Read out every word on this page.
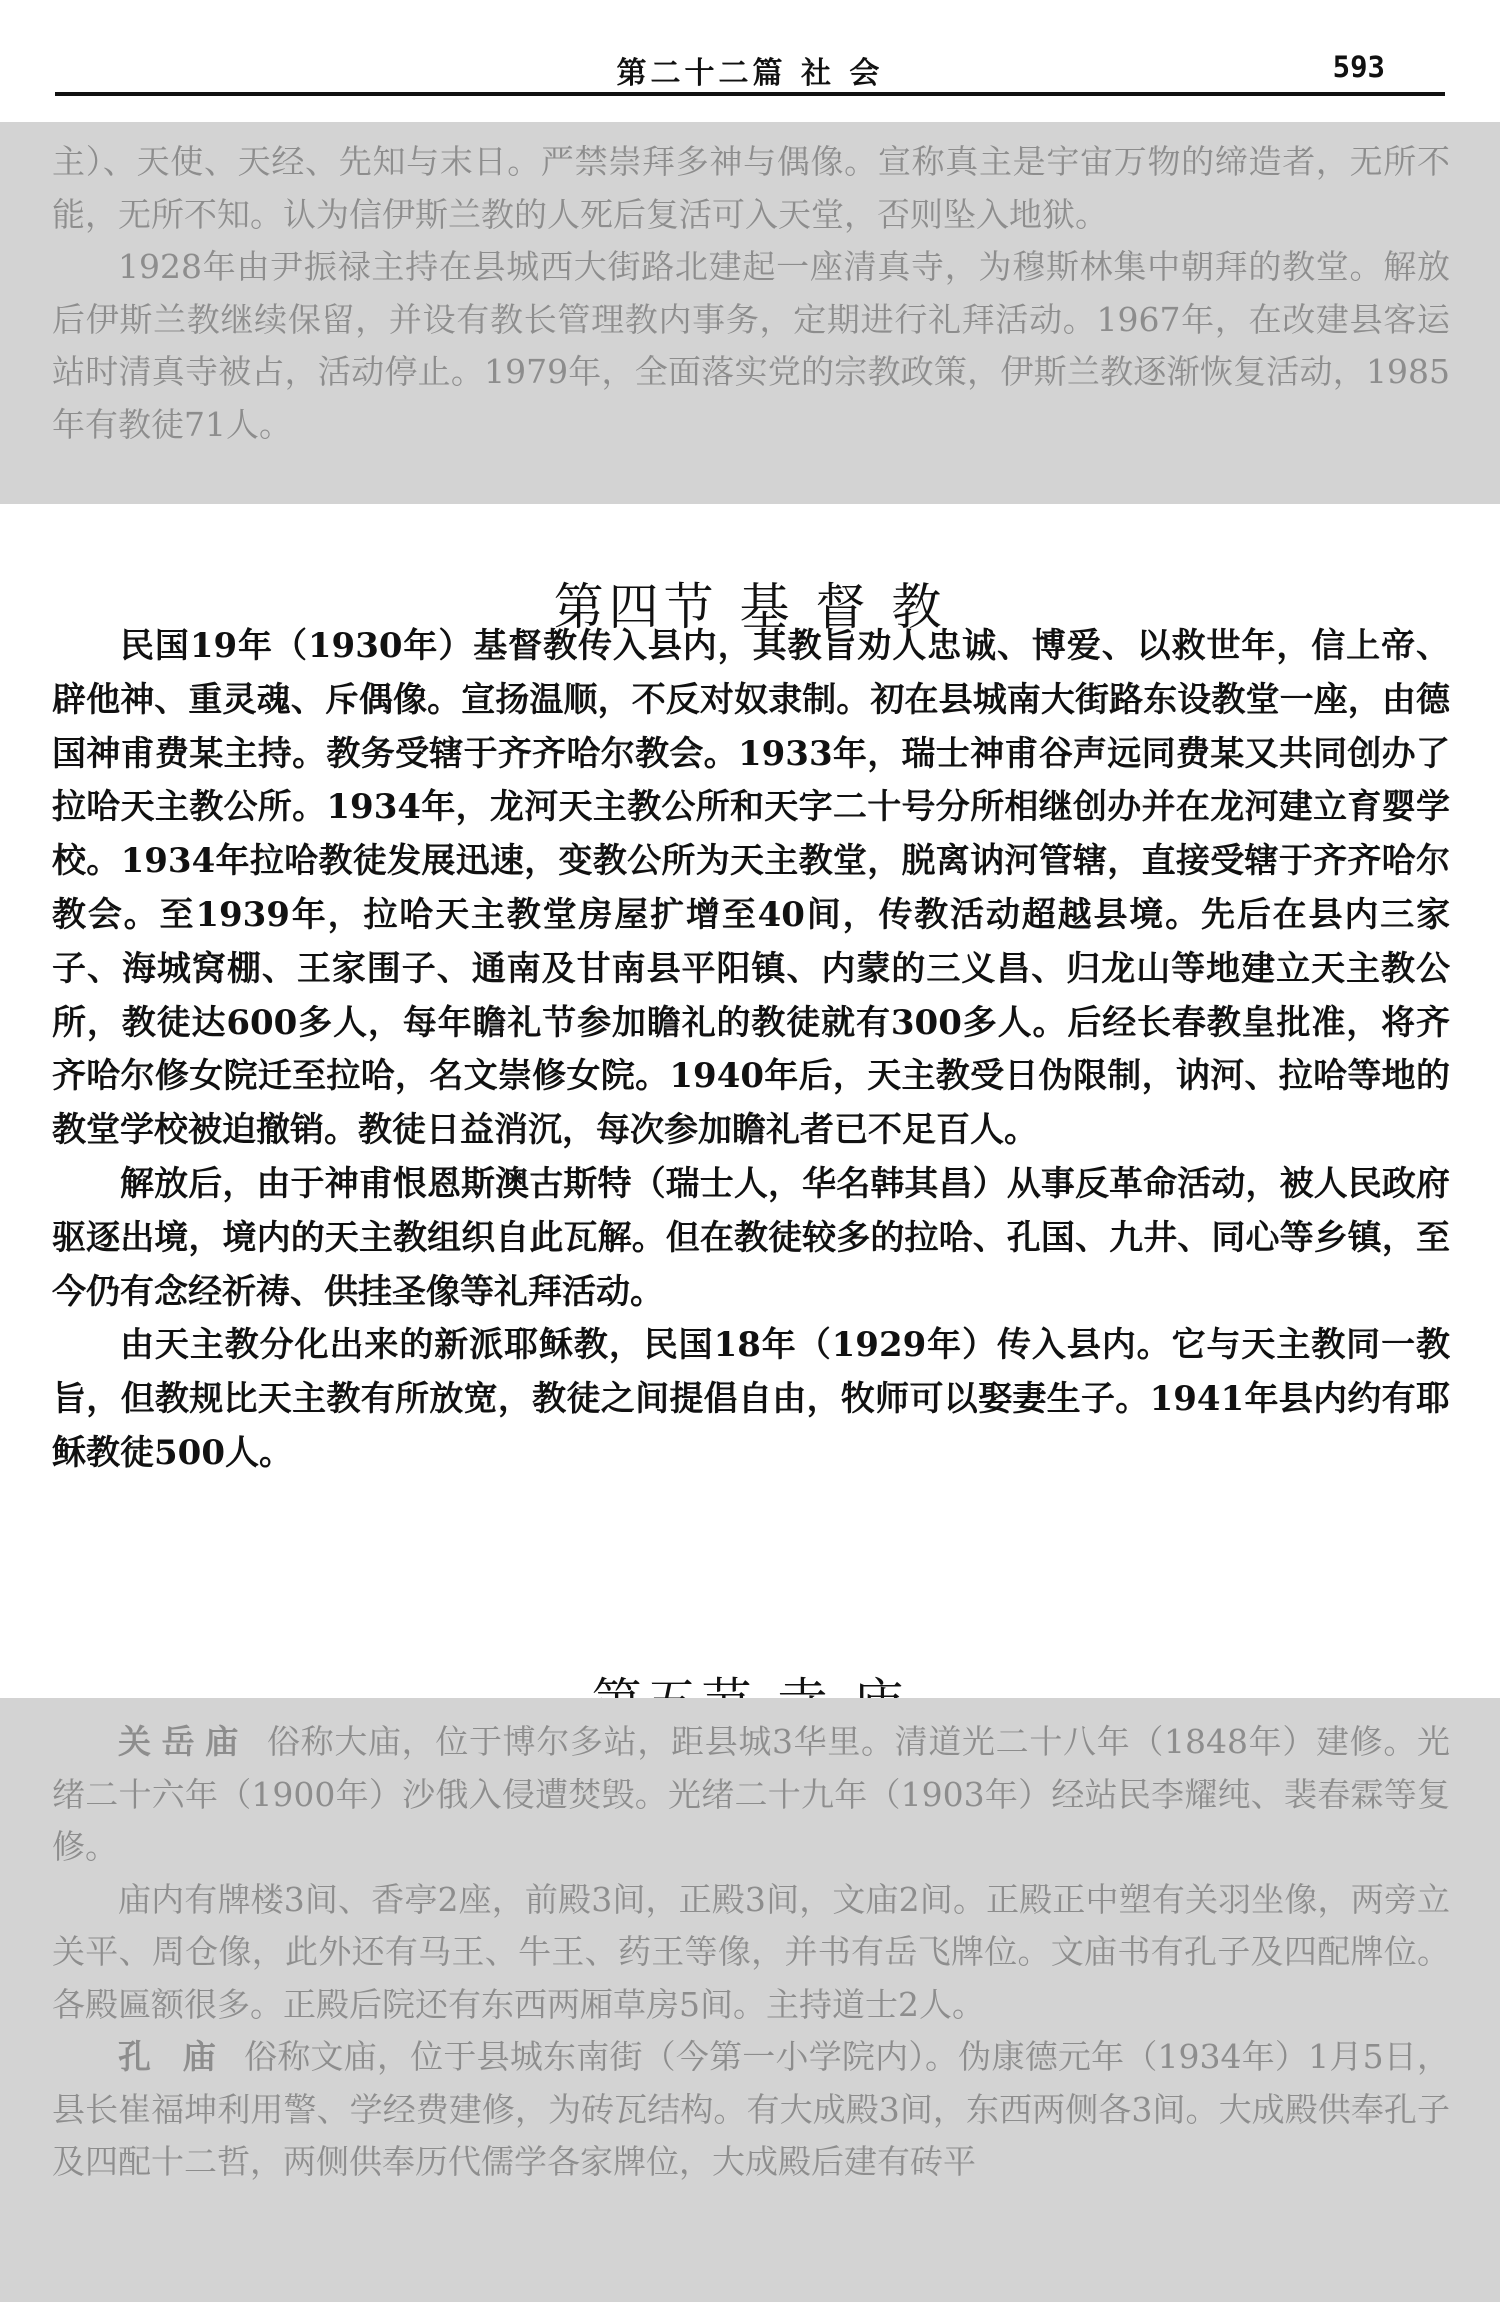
第二十二篇 社 会	593

主）、天使、天经、先知与末日。严禁崇拜多神与偶像。宣称真主是宇宙万物的缔造者，无所不能，无所不知。认为信伊斯兰教的人死后复活可入天堂，否则坠入地狱。

1928年由尹振禄主持在县城西大街路北建起一座清真寺，为穆斯林集中朝拜的教堂。解放后伊斯兰教继续保留，并设有教长管理教内事务，定期进行礼拜活动。1967年，在改建县客运站时清真寺被占，活动停止。1979年，全面落实党的宗教政策，伊斯兰教逐渐恢复活动，1985年有教徒71人。

第四节 基 督 教

民国19年（1930年）基督教传入县内，其教旨劝人忠诚、博爱、以救世年，信上帝、辟他神、重灵魂、斥偶像。宣扬温顺，不反对奴隶制。初在县城南大街路东设教堂一座，由德国神甫费某主持。教务受辖于齐齐哈尔教会。1933年，瑞士神甫谷声远同费某又共同创办了拉哈天主教公所。1934年，龙河天主教公所和天字二十号分所相继创办并在龙河建立育婴学校。1934年拉哈教徒发展迅速，变教公所为天主教堂，脱离讷河管辖，直接受辖于齐齐哈尔教会。至1939年，拉哈天主教堂房屋扩增至40间，传教活动超越县境。先后在县内三家子、海城窝棚、王家围子、通南及甘南县平阳镇、内蒙的三义昌、归龙山等地建立天主教公所，教徒达600多人，每年瞻礼节参加瞻礼的教徒就有300多人。后经长春教皇批准，将齐齐哈尔修女院迁至拉哈，名文崇修女院。1940年后，天主教受日伪限制，讷河、拉哈等地的教堂学校被迫撤销。教徒日益消沉，每次参加瞻礼者已不足百人。

解放后，由于神甫恨恩斯澳古斯特（瑞士人，华名韩其昌）从事反革命活动，被人民政府驱逐出境，境内的天主教组织自此瓦解。但在教徒较多的拉哈、孔国、九井、同心等乡镇，至今仍有念经祈祷、供挂圣像等礼拜活动。

由天主教分化出来的新派耶稣教，民国18年（1929年）传入县内。它与天主教同一教旨，但教规比天主教有所放宽，教徒之间提倡自由，牧师可以娶妻生子。1941年县内约有耶稣教徒500人。

关岳庙 俗称大庙，位于博尔多站，距县城3华里。清道光二十八年（1848年）建修。光绪二十六年（1900年）沙俄入侵遭焚毁。光绪二十九年（1903年）经站民李耀纯、裴春霖等复修。

庙内有牌楼3间、香亭2座，前殿3间，正殿3间，文庙2间。正殿正中塑有关羽坐像，两旁立关平、周仓像，此外还有马王、牛王、药王等像，并书有岳飞牌位。文庙书有孔子及四配牌位。各殿匾额很多。正殿后院还有东西两厢草房5间。主持道士2人。

孔 庙 俗称文庙，位于县城东南街（今第一小学院内）。伪康德元年（1934年）1月5日，县长崔福坤利用警、学经费建修，为砖瓦结构。有大成殿3间，东西两侧各3间。大成殿供奉孔子及四配十二哲，两侧供奉历代儒学各家牌位，大成殿后建有砖平
